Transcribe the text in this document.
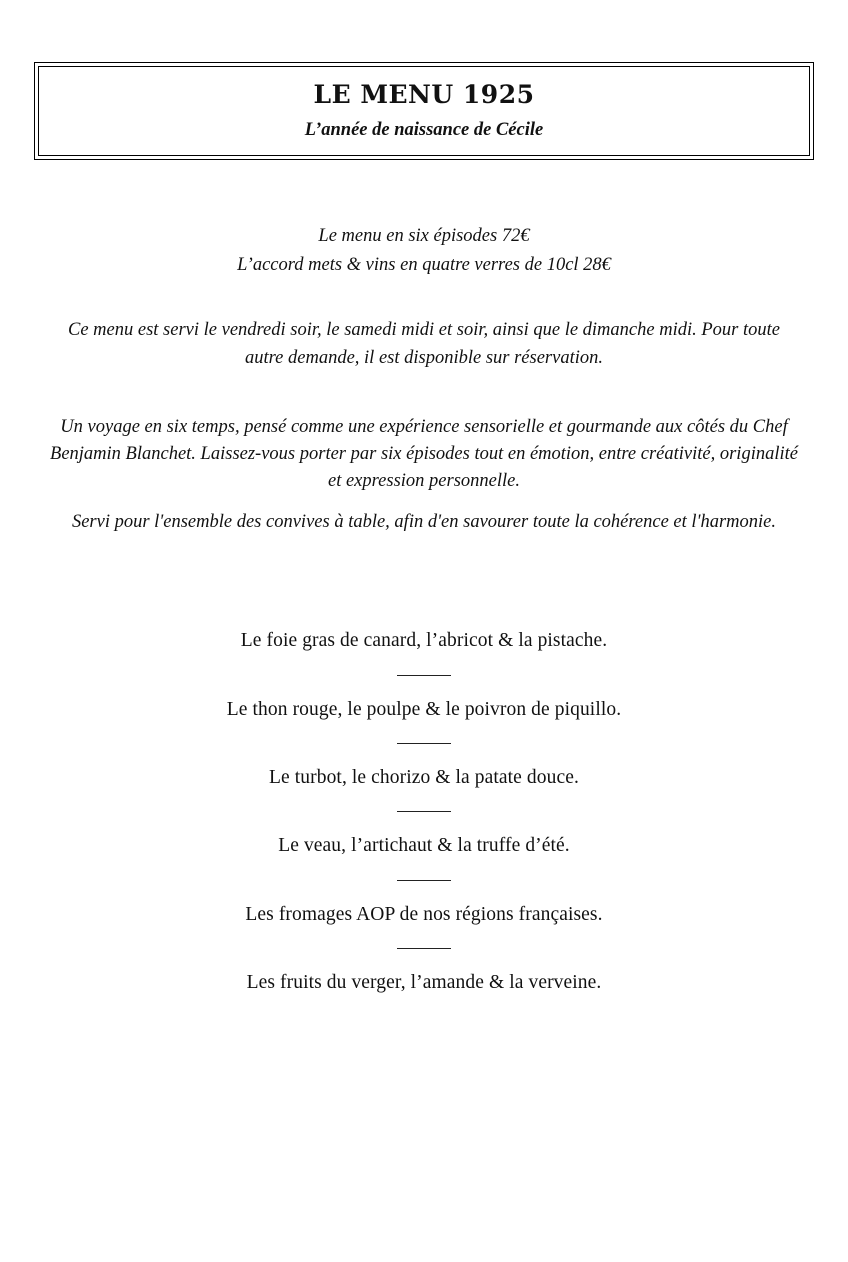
LE MENU 1925
L’année de naissance de Cécile
Le menu en six épisodes 72€
L’accord mets & vins en quatre verres de 10cl 28€
Ce menu est servi le vendredi soir, le samedi midi et soir, ainsi que le dimanche midi. Pour toute autre demande, il est disponible sur réservation.
Un voyage en six temps, pensé comme une expérience sensorielle et gourmande aux côtés du Chef Benjamin Blanchet. Laissez-vous porter par six épisodes tout en émotion, entre créativité, originalité et expression personnelle.
Servi pour l'ensemble des convives à table, afin d'en savourer toute la cohérence et l'harmonie.
Le foie gras de canard, l’abricot & la pistache.
Le thon rouge, le poulpe & le poivron de piquillo.
Le turbot, le chorizo & la patate douce.
Le veau, l’artichaut & la truffe d’été.
Les fromages AOP de nos régions françaises.
Les fruits du verger, l’amande & la verveine.
